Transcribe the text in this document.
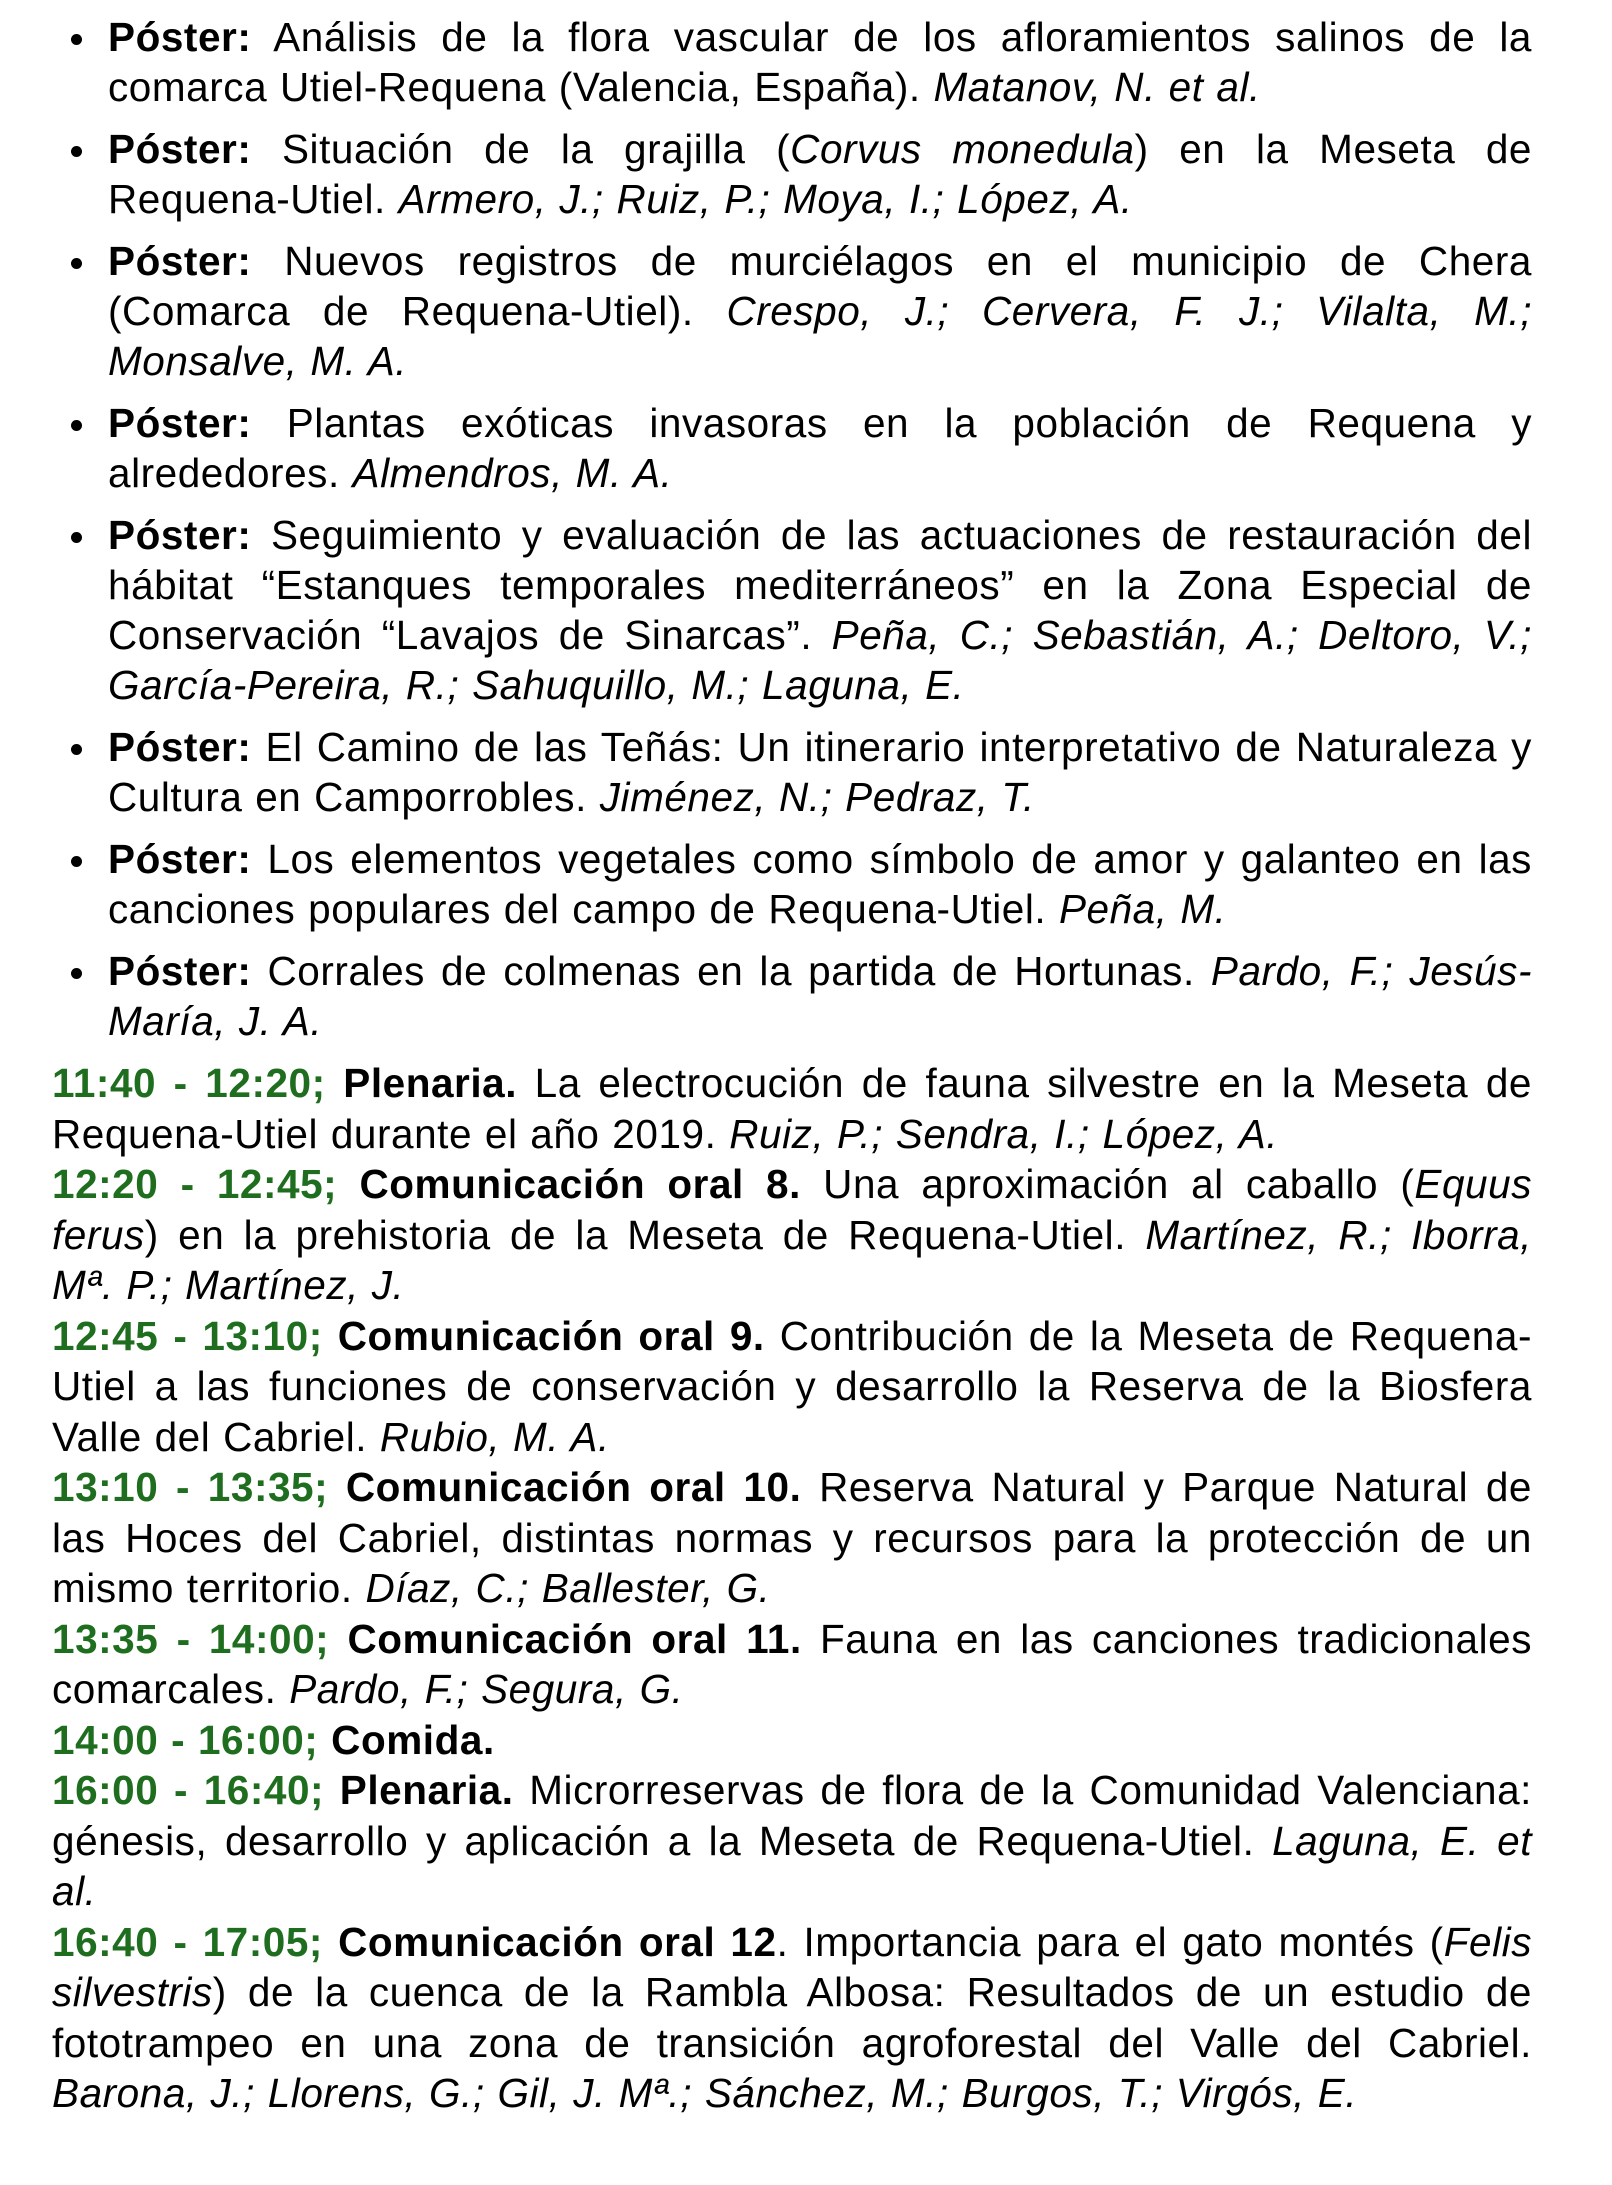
Póster: Análisis de la flora vascular de los afloramientos salinos de la comarca Utiel-Requena (Valencia, España). Matanov, N. et al.
Póster: Situación de la grajilla (Corvus monedula) en la Meseta de Requena-Utiel. Armero, J.; Ruiz, P.; Moya, I.; López, A.
Póster: Nuevos registros de murciélagos en el municipio de Chera (Comarca de Requena-Utiel). Crespo, J.; Cervera, F. J.; Vilalta, M.; Monsalve, M. A.
Póster: Plantas exóticas invasoras en la población de Requena y alrededores. Almendros, M. A.
Póster: Seguimiento y evaluación de las actuaciones de restauración del hábitat “Estanques temporales mediterráneos” en la Zona Especial de Conservación “Lavajos de Sinarcas”. Peña, C.; Sebastián, A.; Deltoro, V.; García-Pereira, R.; Sahuquillo, M.; Laguna, E.
Póster: El Camino de las Teñás: Un itinerario interpretativo de Naturaleza y Cultura en Camporrobles. Jiménez, N.; Pedraz, T.
Póster: Los elementos vegetales como símbolo de amor y galanteo en las canciones populares del campo de Requena-Utiel. Peña, M.
Póster: Corrales de colmenas en la partida de Hortunas. Pardo, F.; Jesús-María, J. A.
11:40 - 12:20; Plenaria. La electrocución de fauna silvestre en la Meseta de Requena-Utiel durante el año 2019. Ruiz, P.; Sendra, I.; López, A.
12:20 - 12:45; Comunicación oral 8. Una aproximación al caballo (Equus ferus) en la prehistoria de la Meseta de Requena-Utiel. Martínez, R.; Iborra, Mª. P.; Martínez, J.
12:45 - 13:10; Comunicación oral 9. Contribución de la Meseta de Requena-Utiel a las funciones de conservación y desarrollo la Reserva de la Biosfera Valle del Cabriel. Rubio, M. A.
13:10 - 13:35; Comunicación oral 10. Reserva Natural y Parque Natural de las Hoces del Cabriel, distintas normas y recursos para la protección de un mismo territorio. Díaz, C.; Ballester, G.
13:35 - 14:00; Comunicación oral 11. Fauna en las canciones tradicionales comarcales. Pardo, F.; Segura, G.
14:00 - 16:00; Comida.
16:00 - 16:40; Plenaria. Microrreservas de flora de la Comunidad Valenciana: génesis, desarrollo y aplicación a la Meseta de Requena-Utiel. Laguna, E. et al.
16:40 - 17:05; Comunicación oral 12. Importancia para el gato montés (Felis silvestris) de la cuenca de la Rambla Albosa: Resultados de un estudio de fototrampeo en una zona de transición agroforestal del Valle del Cabriel. Barona, J.; Llorens, G.; Gil, J. Mª.; Sánchez, M.; Burgos, T.; Virgós, E.
